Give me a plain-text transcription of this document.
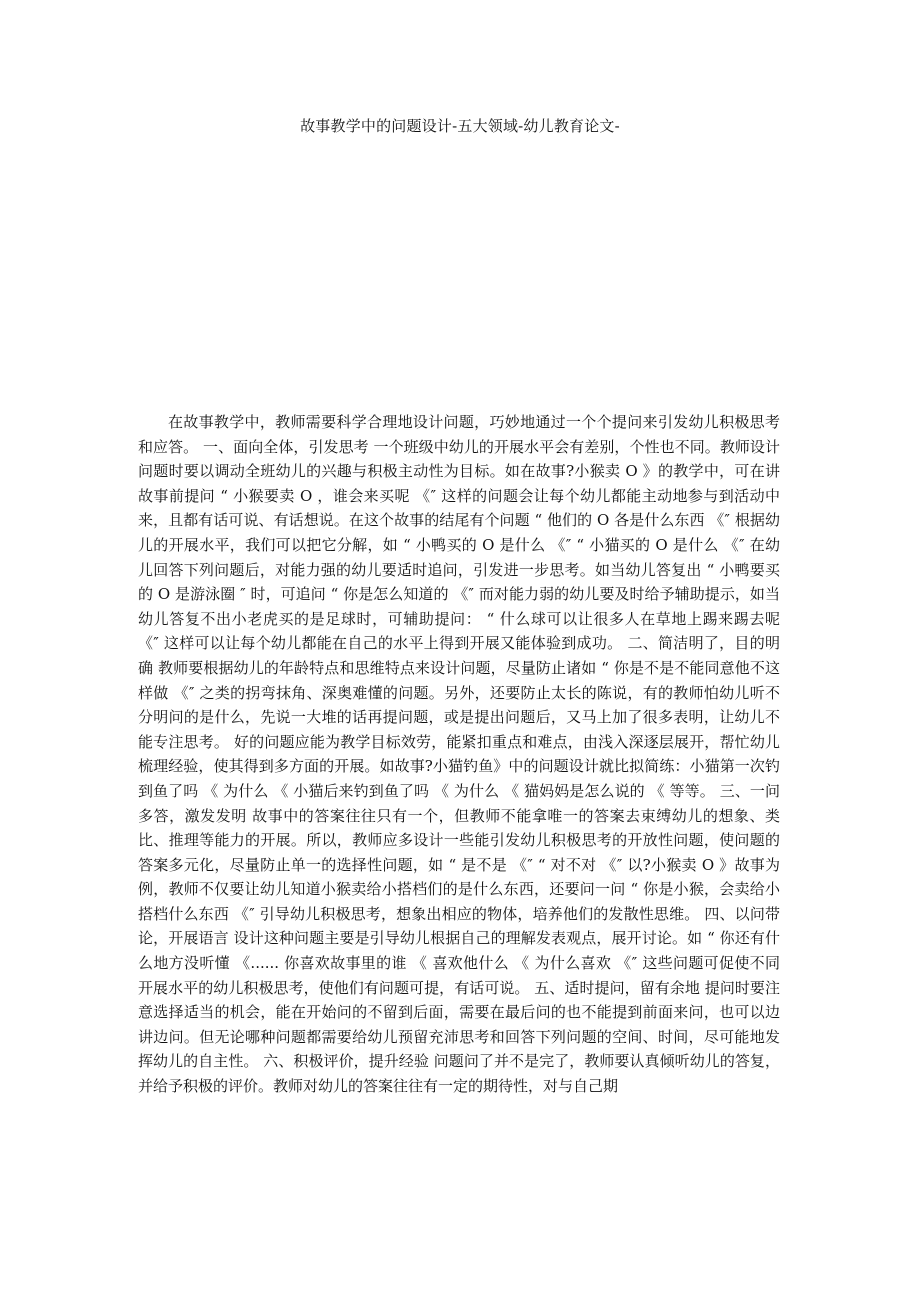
故事教学中的问题设计-五大领域-幼儿教育论文-

在故事教学中，教师需要科学合理地设计问题，巧妙地通过一个个提问来引发幼儿积极思考和应答。 一、面向全体，引发思考 一个班级中幼儿的开展水平会有差别，个性也不同。教师设计问题时要以调动全班幼儿的兴趣与积极主动性为目标。如在故事?小猴卖 O 》的教学中，可在讲故事前提问 “ 小猴要卖 O ，谁会来买呢 《″ 这样的问题会让每个幼儿都能主动地参与到活动中来，且都有话可说、有话想说。在这个故事的结尾有个问题 “ 他们的 O 各是什么东西 《″ 根据幼儿的开展水平，我们可以把它分解，如 “ 小鸭买的 O 是什么 《″ “ 小猫买的 O 是什么 《″ 在幼儿回答下列问题后，对能力强的幼儿要适时追问，引发进一步思考。如当幼儿答复出 “ 小鸭要买的 O 是游泳圈 ″ 时，可追问 “ 你是怎么知道的 《″ 而对能力弱的幼儿要及时给予辅助提示，如当幼儿答复不出小老虎买的是足球时，可辅助提问： “ 什么球可以让很多人在草地上踢来踢去呢 《″ 这样可以让每个幼儿都能在自己的水平上得到开展又能体验到成功。 二、简洁明了，目的明确 教师要根据幼儿的年龄特点和思维特点来设计问题，尽量防止诸如 “ 你是不是不能同意他不这样做 《″ 之类的拐弯抹角、深奥难懂的问题。另外，还要防止太长的陈说，有的教师怕幼儿听不分明问的是什么，先说一大堆的话再提问题，或是提出问题后，又马上加了很多表明，让幼儿不能专注思考。 好的问题应能为教学目标效劳，能紧扣重点和难点，由浅入深逐层展开，帮忙幼儿梳理经验，使其得到多方面的开展。如故事?小猫钓鱼》中的问题设计就比拟简练：小猫第一次钓到鱼了吗 《 为什么 《 小猫后来钓到鱼了吗 《 为什么 《 猫妈妈是怎么说的 《 等等。 三、一问多答，激发发明 故事中的答案往往只有一个，但教师不能拿唯一的答案去束缚幼儿的想象、类比、推理等能力的开展。所以，教师应多设计一些能引发幼儿积极思考的开放性问题，使问题的答案多元化，尽量防止单一的选择性问题，如 “ 是不是 《″ “ 对不对 《″ 以?小猴卖 O 》故事为例，教师不仅要让幼儿知道小猴卖给小搭档们的是什么东西，还要问一问 “ 你是小猴，会卖给小搭档什么东西 《″ 引导幼儿积极思考，想象出相应的物体，培养他们的发散性思维。 四、以问带论，开展语言 设计这种问题主要是引导幼儿根据自己的理解发表观点，展开讨论。如 “ 你还有什么地方没听懂 《...... 你喜欢故事里的谁 《 喜欢他什么 《 为什么喜欢 《″ 这些问题可促使不同开展水平的幼儿积极思考，使他们有问题可提，有话可说。 五、适时提问，留有余地 提问时要注意选择适当的机会，能在开始问的不留到后面，需要在最后问的也不能提到前面来问，也可以边讲边问。但无论哪种问题都需要给幼儿预留充沛思考和回答下列问题的空间、时间，尽可能地发挥幼儿的自主性。 六、积极评价，提升经验 问题问了并不是完了，教师要认真倾听幼儿的答复，并给予积极的评价。教师对幼儿的答案往往有一定的期待性，对与自己期
